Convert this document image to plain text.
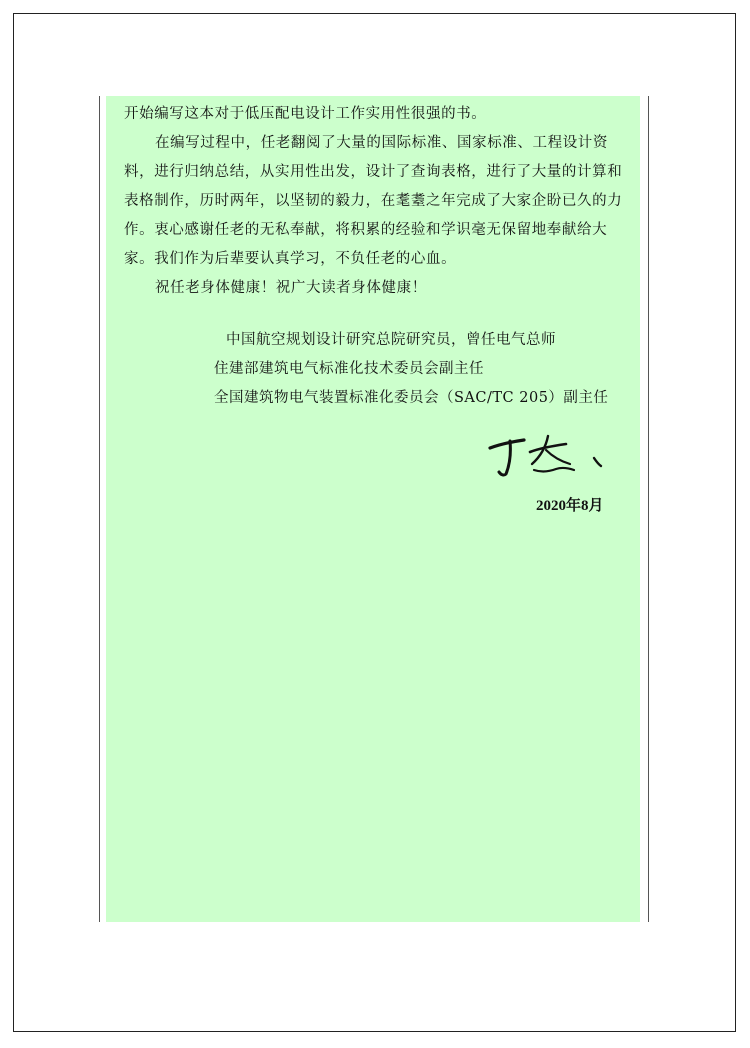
开始编写这本对于低压配电设计工作实用性很强的书。

在编写过程中，任老翻阅了大量的国际标准、国家标准、工程设计资料，进行归纳总结，从实用性出发，设计了查询表格，进行了大量的计算和表格制作，历时两年，以坚韧的毅力，在耄耋之年完成了大家企盼已久的力作。衷心感谢任老的无私奉献，将积累的经验和学识毫无保留地奉献给大家。我们作为后辈要认真学习，不负任老的心血。

祝任老身体健康！祝广大读者身体健康！

中国航空规划设计研究总院研究员，曾任电气总师
住建部建筑电气标准化技术委员会副主任
全国建筑物电气装置标准化委员会（SAC/TC 205）副主任
2020年8月
